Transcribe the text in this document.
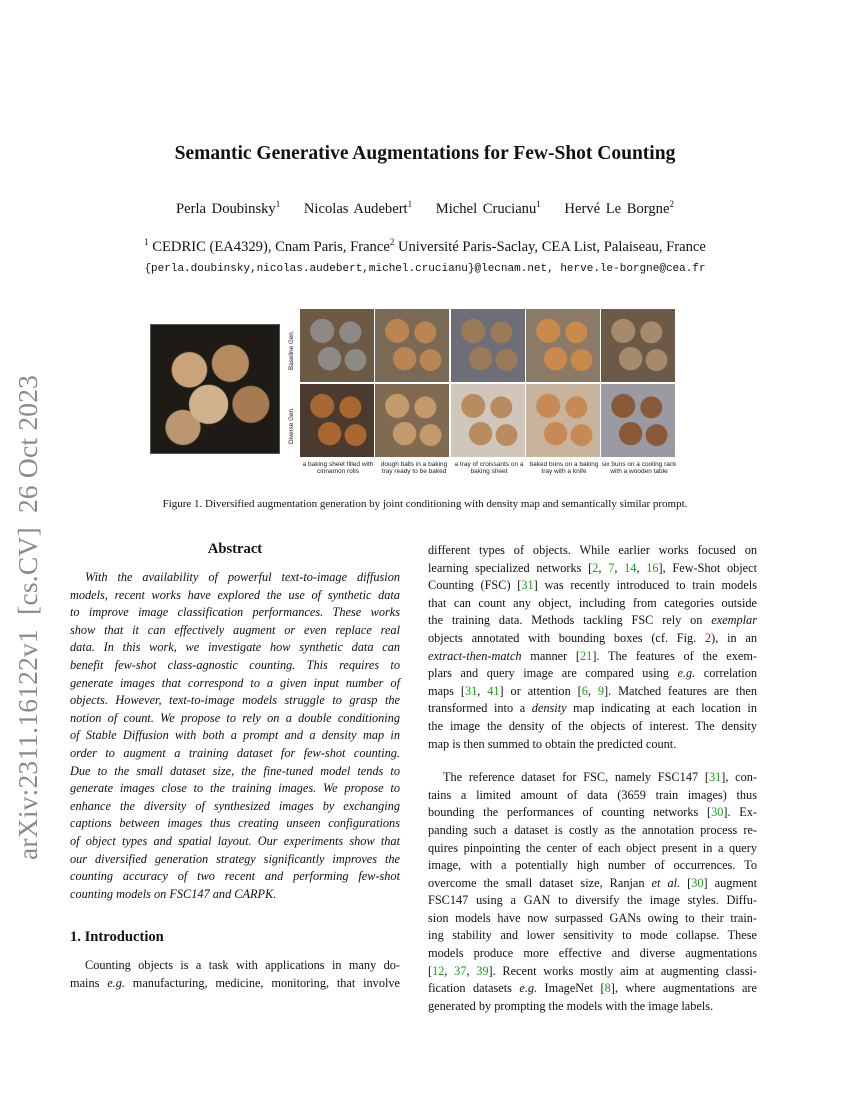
arXiv:2311.16122v1  [cs.CV]  26 Oct 2023
Semantic Generative Augmentations for Few-Shot Counting
Perla Doubinsky$^1$ Nicolas Audebert$^1$ Michel Crucianu$^1$ Hervé Le Borgne$^2$
$^1$ CEDRIC (EA4329), Cnam Paris, France$^2$ Université Paris-Saclay, CEA List, Palaiseau, France
{perla.doubinsky,nicolas.audebert,michel.crucianu}@lecnam.net, herve.le-borgne@cea.fr
Baseline Gen.
Diverse Gen.
a baking sheet filled with cinnamon rolls
dough balls in a baking tray ready to be baked
a tray of croissants on a baking sheet
baked buns on a baking tray with a knife
six buns on a cooling rack with a wooden table
Figure 1. Diversified augmentation generation by joint conditioning with density map and semantically similar prompt.
Abstract
With the availability of powerful text-to-image diffusion
models, recent works have explored the use of synthetic data
to improve image classification performances. These works
show that it can effectively augment or even replace real
data. In this work, we investigate how synthetic data can
benefit few-shot class-agnostic counting. This requires to
generate images that correspond to a given input number of
objects. However, text-to-image models struggle to grasp the
notion of count. We propose to rely on a double conditioning
of Stable Diffusion with both a prompt and a density map in
order to augment a training dataset for few-shot counting.
Due to the small dataset size, the fine-tuned model tends to
generate images close to the training images. We propose to
enhance the diversity of synthesized images by exchanging
captions between images thus creating unseen configurations
of object types and spatial layout. Our experiments show that
our diversified generation strategy significantly improves the
counting accuracy of two recent and performing few-shot
counting models on FSC147 and CARPK.
1. Introduction
Counting objects is a task with applications in many do-
mains e.g. manufacturing, medicine, monitoring, that involve
different types of objects. While earlier works focused on
learning specialized networks [2, 7, 14, 16], Few-Shot object
Counting (FSC) [31] was recently introduced to train models
that can count any object, including from categories outside
the training data. Methods tackling FSC rely on exemplar
objects annotated with bounding boxes (cf. Fig. 2), in an
extract-then-match manner [21]. The features of the exem-
plars and query image are compared using e.g. correlation
maps [31, 41] or attention [6, 9]. Matched features are then
transformed into a density map indicating at each location in
the image the density of the objects of interest. The density
map is then summed to obtain the predicted count.
The reference dataset for FSC, namely FSC147 [31], con-
tains a limited amount of data (3659 train images) thus
bounding the performances of counting networks [30]. Ex-
panding such a dataset is costly as the annotation process re-
quires pinpointing the center of each object present in a query
image, with a potentially high number of occurrences. To
overcome the small dataset size, Ranjan et al. [30] augment
FSC147 using a GAN to diversify the image styles. Diffu-
sion models have now surpassed GANs owing to their train-
ing stability and lower sensitivity to mode collapse. These
models produce more effective and diverse augmentations
[12, 37, 39]. Recent works mostly aim at augmenting classi-
fication datasets e.g. ImageNet [8], where augmentations are
generated by prompting the models with the image labels.
